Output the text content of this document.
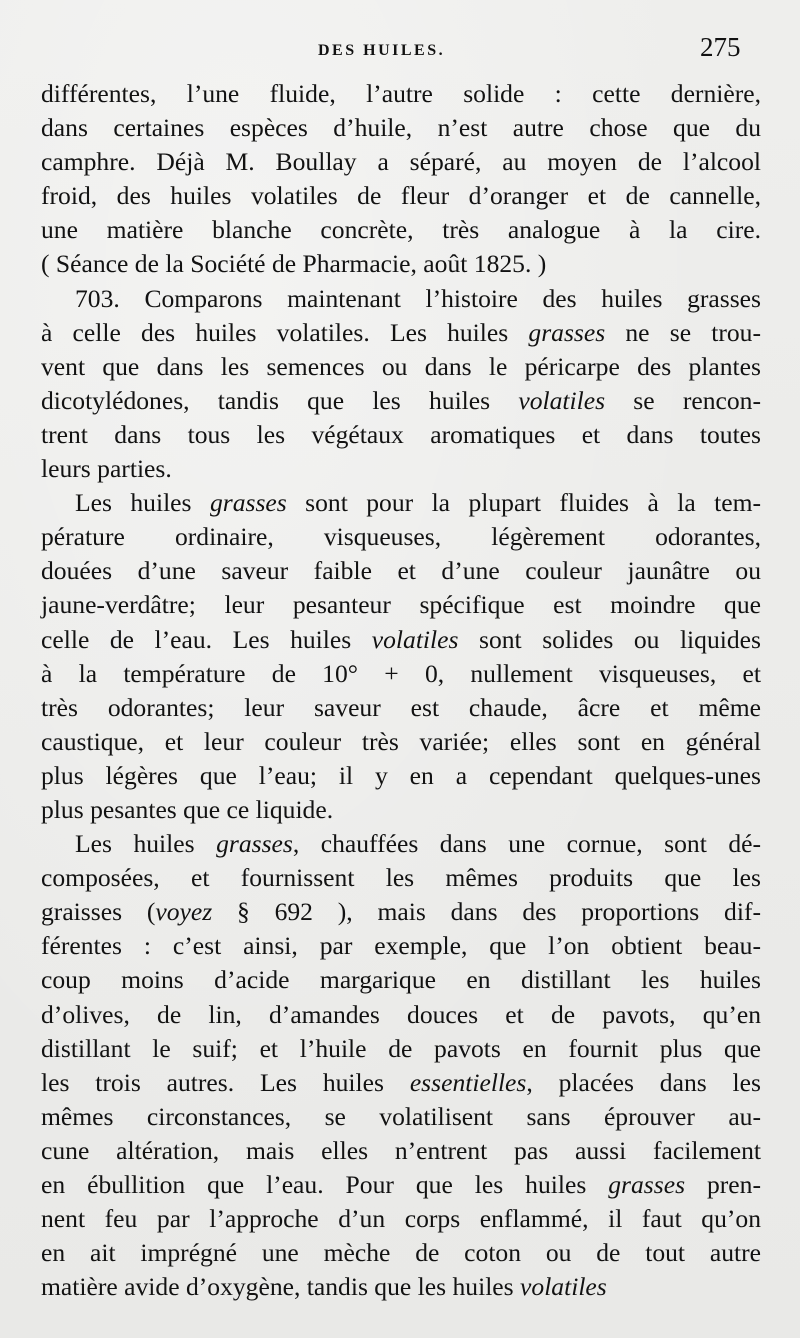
DES HUILES.	275
différentes, l’une fluide, l’autre solide : cette dernière,
dans certaines espèces d’huile, n’est autre chose que du
camphre. Déjà M. Boullay a séparé, au moyen de l’alcool
froid, des huiles volatiles de fleur d’oranger et de cannelle,
une matière blanche concrète, très analogue à la cire.
( Séance de la Société de Pharmacie, août 1825. )
703. Comparons maintenant l’histoire des huiles grasses
à celle des huiles volatiles. Les huiles grasses ne se trou-
vent que dans les semences ou dans le péricarpe des plantes
dicotylédones, tandis que les huiles volatiles se rencon-
trent dans tous les végétaux aromatiques et dans toutes
leurs parties.
Les huiles grasses sont pour la plupart fluides à la tem-
pérature ordinaire, visqueuses, légèrement odorantes,
douées d’une saveur faible et d’une couleur jaunâtre ou
jaune-verdâtre; leur pesanteur spécifique est moindre que
celle de l’eau. Les huiles volatiles sont solides ou liquides
à la température de 10° + 0, nullement visqueuses, et
très odorantes; leur saveur est chaude, âcre et même
caustique, et leur couleur très variée; elles sont en général
plus légères que l’eau; il y en a cependant quelques-unes
plus pesantes que ce liquide.
Les huiles grasses, chauffées dans une cornue, sont dé-
composées, et fournissent les mêmes produits que les
graisses (voyez § 692 ), mais dans des proportions dif-
férentes : c’est ainsi, par exemple, que l’on obtient beau-
coup moins d’acide margarique en distillant les huiles
d’olives, de lin, d’amandes douces et de pavots, qu’en
distillant le suif; et l’huile de pavots en fournit plus que
les trois autres. Les huiles essentielles, placées dans les
mêmes circonstances, se volatilisent sans éprouver au-
cune altération, mais elles n’entrent pas aussi facilement
en ébullition que l’eau. Pour que les huiles grasses pren-
nent feu par l’approche d’un corps enflammé, il faut qu’on
en ait imprégné une mèche de coton ou de tout autre
matière avide d’oxygène, tandis que les huiles volatiles
